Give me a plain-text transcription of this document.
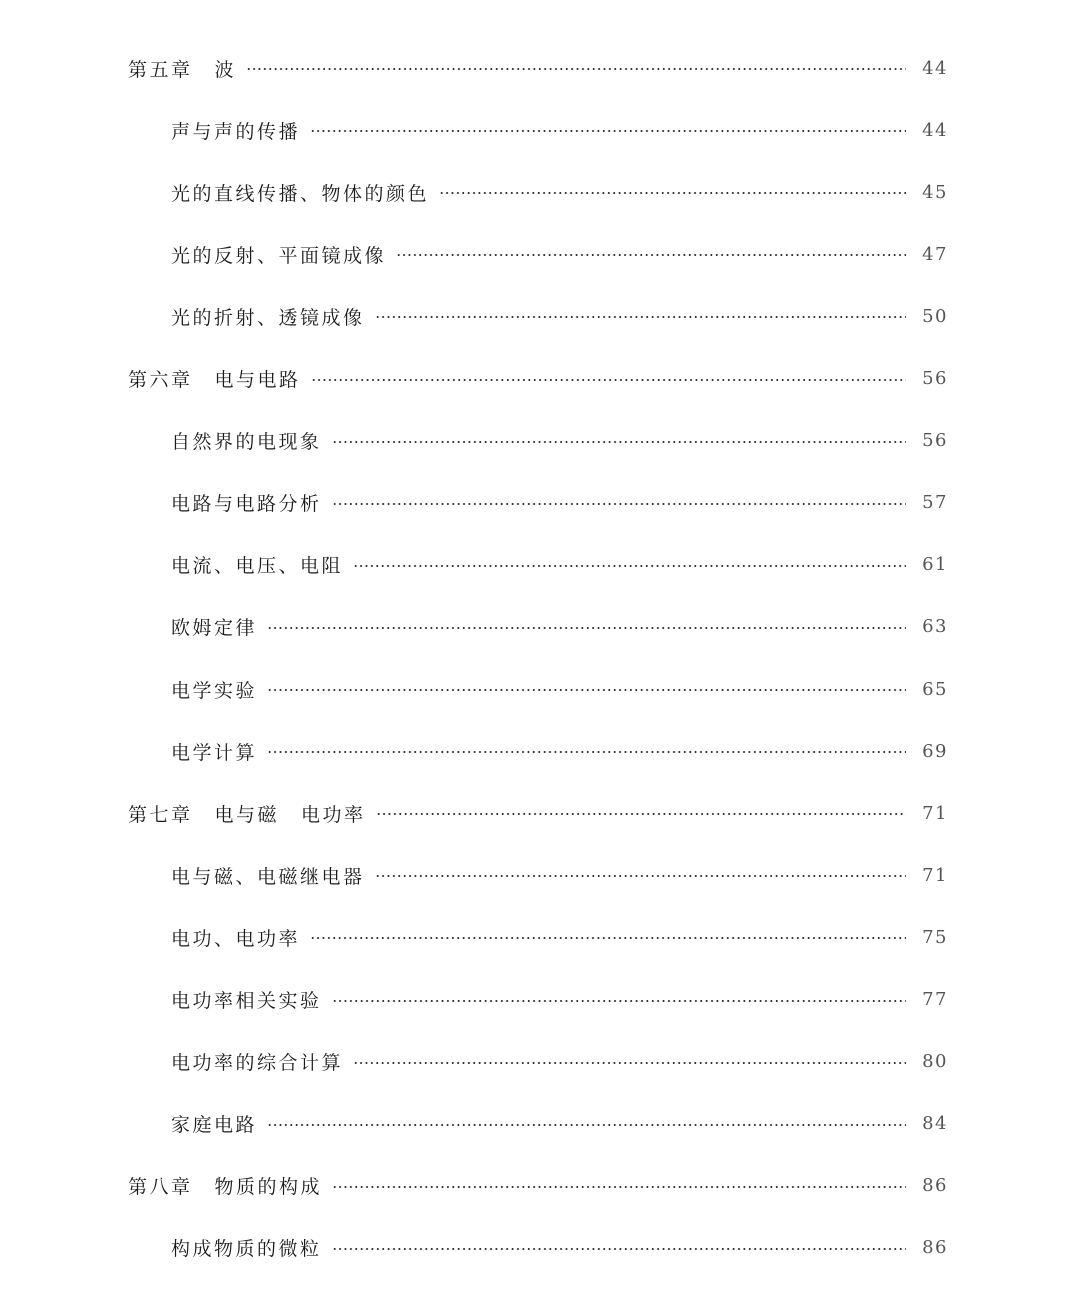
第五章 波	44
声与声的传播	44
光的直线传播、物体的颜色	45
光的反射、平面镜成像	47
光的折射、透镜成像	50
第六章 电与电路	56
自然界的电现象	56
电路与电路分析	57
电流、电压、电阻	61
欧姆定律	63
电学实验	65
电学计算	69
第七章 电与磁 电功率	71
电与磁、电磁继电器	71
电功、电功率	75
电功率相关实验	77
电功率的综合计算	80
家庭电路	84
第八章 物质的构成	86
构成物质的微粒	86
